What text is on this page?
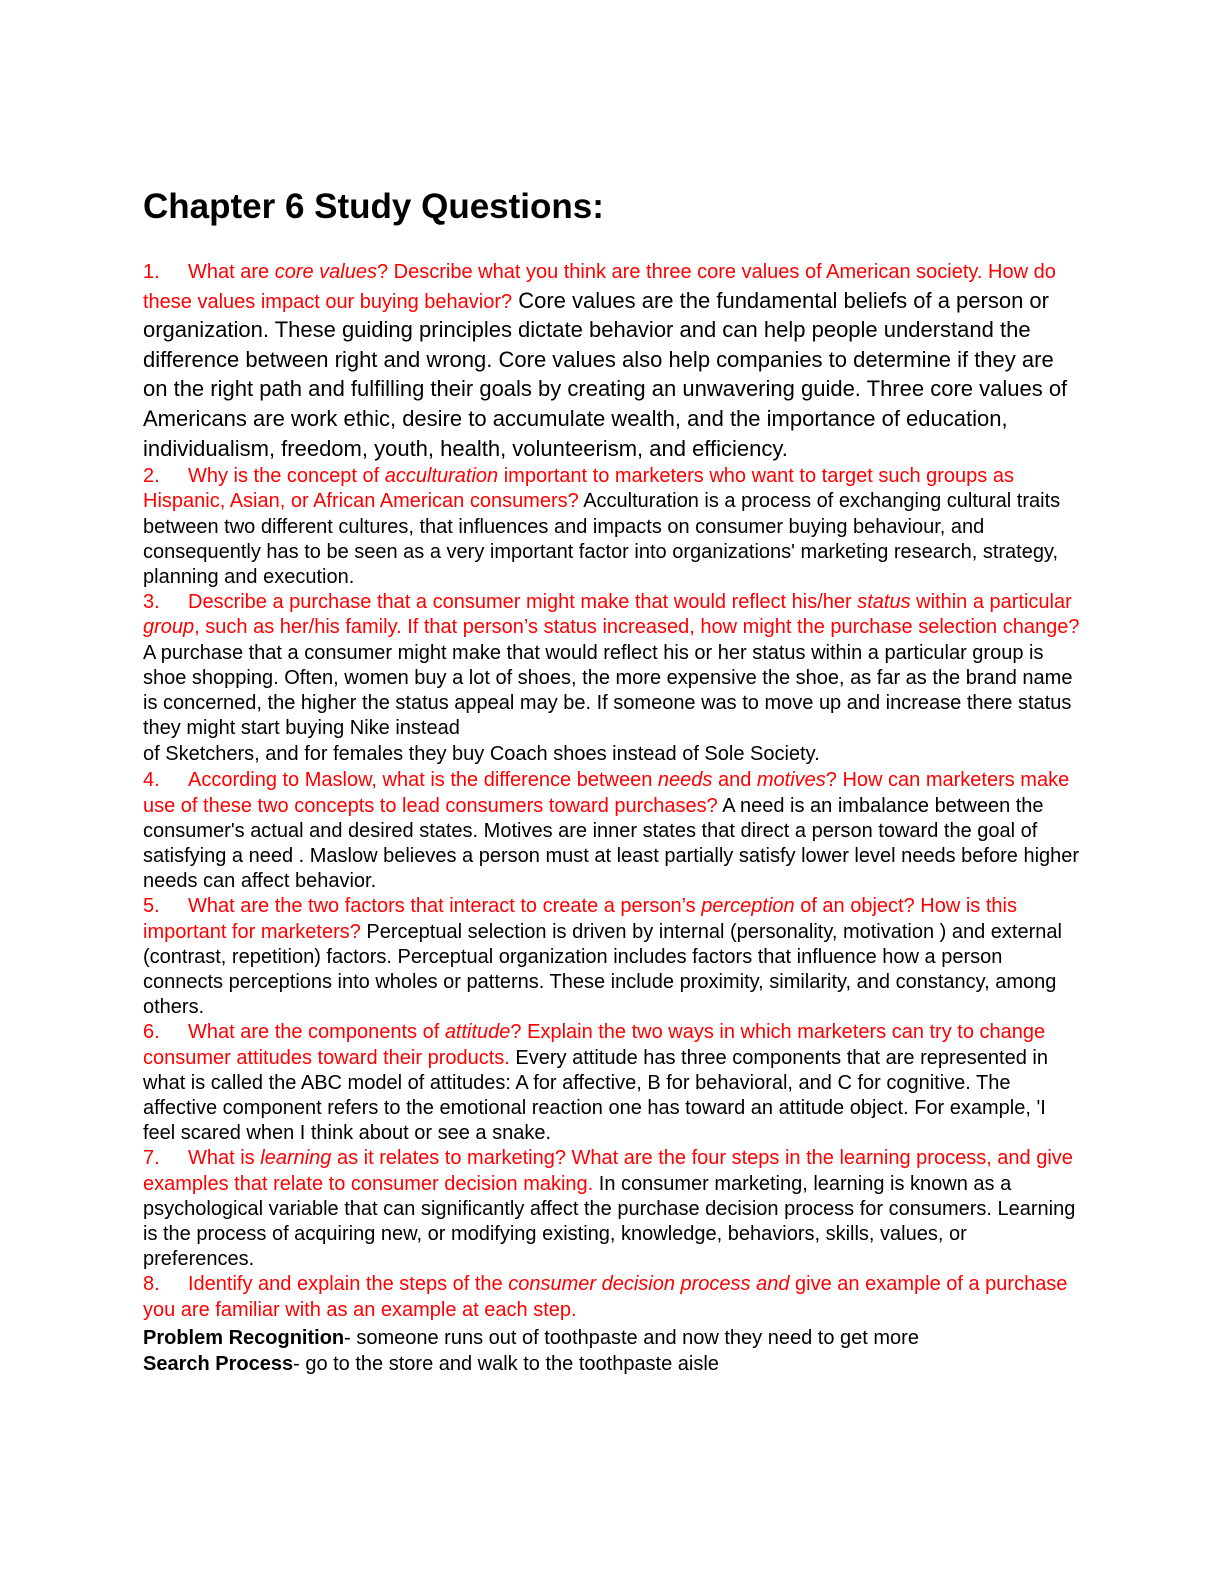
Chapter 6 Study Questions:

1. What are core values? Describe what you think are three core values of American society. How do these values impact our buying behavior? Core values are the fundamental beliefs of a person or organization. These guiding principles dictate behavior and can help people understand the difference between right and wrong. Core values also help companies to determine if they are on the right path and fulfilling their goals by creating an unwavering guide. Three core values of Americans are work ethic, desire to accumulate wealth, and the importance of education, individualism, freedom, youth, health, volunteerism, and efficiency.

2. Why is the concept of acculturation important to marketers who want to target such groups as Hispanic, Asian, or African American consumers? Acculturation is a process of exchanging cultural traits between two different cultures, that influences and impacts on consumer buying behaviour, and consequently has to be seen as a very important factor into organizations' marketing research, strategy, planning and execution.

3. Describe a purchase that a consumer might make that would reflect his/her status within a particular group, such as her/his family. If that person’s status increased, how might the purchase selection change? A purchase that a consumer might make that would reflect his or her status within a particular group is shoe shopping. Often, women buy a lot of shoes, the more expensive the shoe, as far as the brand name is concerned, the higher the status appeal may be. If someone was to move up and increase there status they might start buying Nike instead

of Sketchers, and for females they buy Coach shoes instead of Sole Society.

4. According to Maslow, what is the difference between needs and motives? How can marketers make use of these two concepts to lead consumers toward purchases? A need is an imbalance between the consumer's actual and desired states. Motives are inner states that direct a person toward the goal of satisfying a need . Maslow believes a person must at least partially satisfy lower level needs before higher needs can affect behavior.

5. What are the two factors that interact to create a person’s perception of an object? How is this important for marketers? Perceptual selection is driven by internal (personality, motivation ) and external (contrast, repetition) factors. Perceptual organization includes factors that influence how a person connects perceptions into wholes or patterns. These include proximity, similarity, and constancy, among others.

6. What are the components of attitude? Explain the two ways in which marketers can try to change consumer attitudes toward their products. Every attitude has three components that are represented in what is called the ABC model of attitudes: A for affective, B for behavioral, and C for cognitive. The affective component refers to the emotional reaction one has toward an attitude object. For example, 'I feel scared when I think about or see a snake.

7. What is learning as it relates to marketing? What are the four steps in the learning process, and give examples that relate to consumer decision making. In consumer marketing, learning is known as a psychological variable that can significantly affect the purchase decision process for consumers. Learning is the process of acquiring new, or modifying existing, knowledge, behaviors, skills, values, or preferences.

8. Identify and explain the steps of the consumer decision process and give an example of a purchase you are familiar with as an example at each step.

Problem Recognition- someone runs out of toothpaste and now they need to get more

Search Process- go to the store and walk to the toothpaste aisle
